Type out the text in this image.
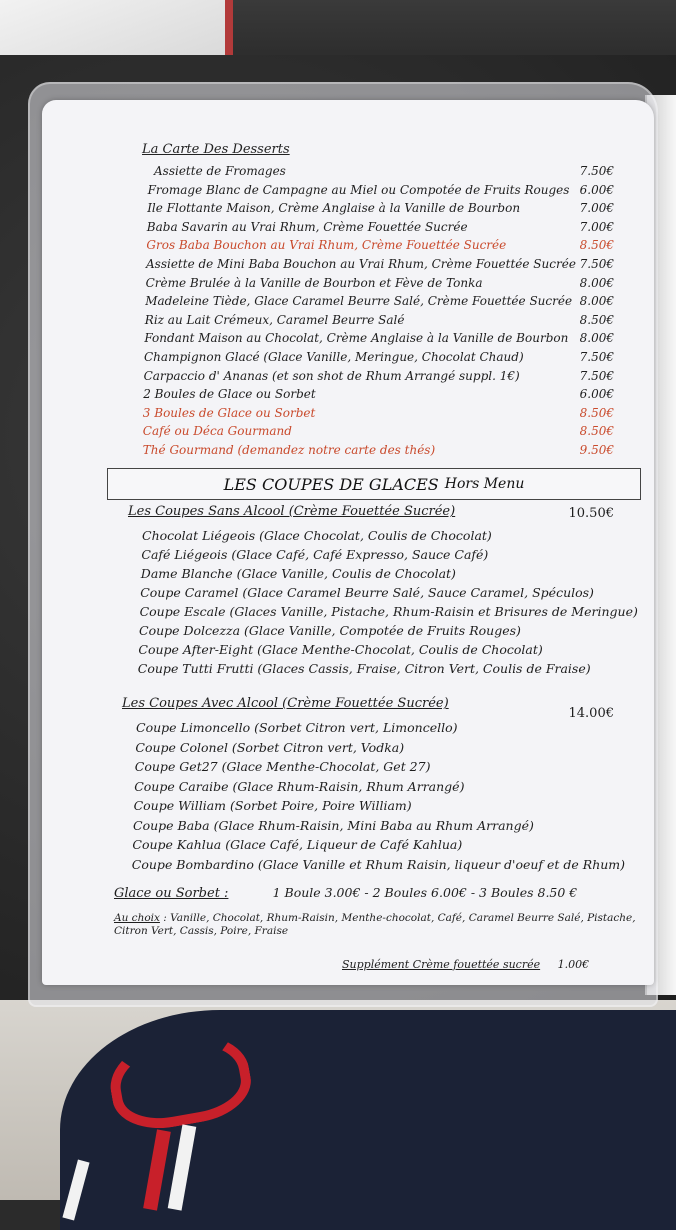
La Carte Des Desserts
Assiette de Fromages	7.50€
Fromage Blanc de Campagne au Miel ou Compotée de Fruits Rouges 6.00€
Ile Flottante Maison, Crème Anglaise à la Vanille de Bourbon	7.00€
Baba Savarin au Vrai Rhum, Crème Fouettée Sucrée	7.00€
Gros Baba Bouchon au Vrai Rhum, Crème Fouettée Sucrée	8.50€
Assiette de Mini Baba Bouchon au Vrai Rhum, Crème Fouettée Sucrée 7.50€
Crème Brulée à la Vanille de Bourbon et Fève de Tonka	8.00€
Madeleine Tiède, Glace Caramel Beurre Salé, Crème Fouettée Sucrée 8.00€
Riz au Lait Crémeux, Caramel Beurre Salé	8.50€
Fondant Maison au Chocolat, Crème Anglaise à la Vanille de Bourbon 8.00€
Champignon Glacé (Glace Vanille, Meringue, Chocolat Chaud)	7.50€
Carpaccio d' Ananas (et son shot de Rhum Arrangé suppl. 1€)	7.50€
2 Boules de Glace ou Sorbet	6.00€
3 Boules de Glace ou Sorbet	8.50€
Café ou Déca Gourmand	8.50€
Thé Gourmand (demandez notre carte des thés)	9.50€
LES COUPES DE GLACES Hors Menu
Les Coupes Sans Alcool (Crème Fouettée Sucrée)	10.50€
Chocolat Liégeois (Glace Chocolat, Coulis de Chocolat)
Café Liégeois (Glace Café, Café Expresso, Sauce Café)
Dame Blanche (Glace Vanille, Coulis de Chocolat)
Coupe Caramel (Glace Caramel Beurre Salé, Sauce Caramel, Spéculos)
Coupe Escale (Glaces Vanille, Pistache, Rhum-Raisin et Brisures de Meringue)
Coupe Dolcezza (Glace Vanille, Compotée de Fruits Rouges)
Coupe After-Eight (Glace Menthe-Chocolat, Coulis de Chocolat)
Coupe Tutti Frutti (Glaces Cassis, Fraise, Citron Vert, Coulis de Fraise)
Les Coupes Avec Alcool (Crème Fouettée Sucrée)
14.00€
Coupe Limoncello (Sorbet Citron vert, Limoncello)
Coupe Colonel (Sorbet Citron vert, Vodka)
Coupe Get27 (Glace Menthe-Chocolat, Get 27)
Coupe Caraibe (Glace Rhum-Raisin, Rhum Arrangé)
Coupe William (Sorbet Poire, Poire William)
Coupe Baba (Glace Rhum-Raisin, Mini Baba au Rhum Arrangé)
Coupe Kahlua (Glace Café, Liqueur de Café Kahlua)
Coupe Bombardino (Glace Vanille et Rhum Raisin, liqueur d'oeuf et de Rhum)
Glace ou Sorbet :	1 Boule 3.00€ - 2 Boules 6.00€ - 3 Boules 8.50 €
Au choix : Vanille, Chocolat, Rhum-Raisin, Menthe-chocolat, Café, Caramel Beurre Salé, Pistache, Citron Vert, Cassis, Poire, Fraise
Supplément Crème fouettée sucrée 1.00€
